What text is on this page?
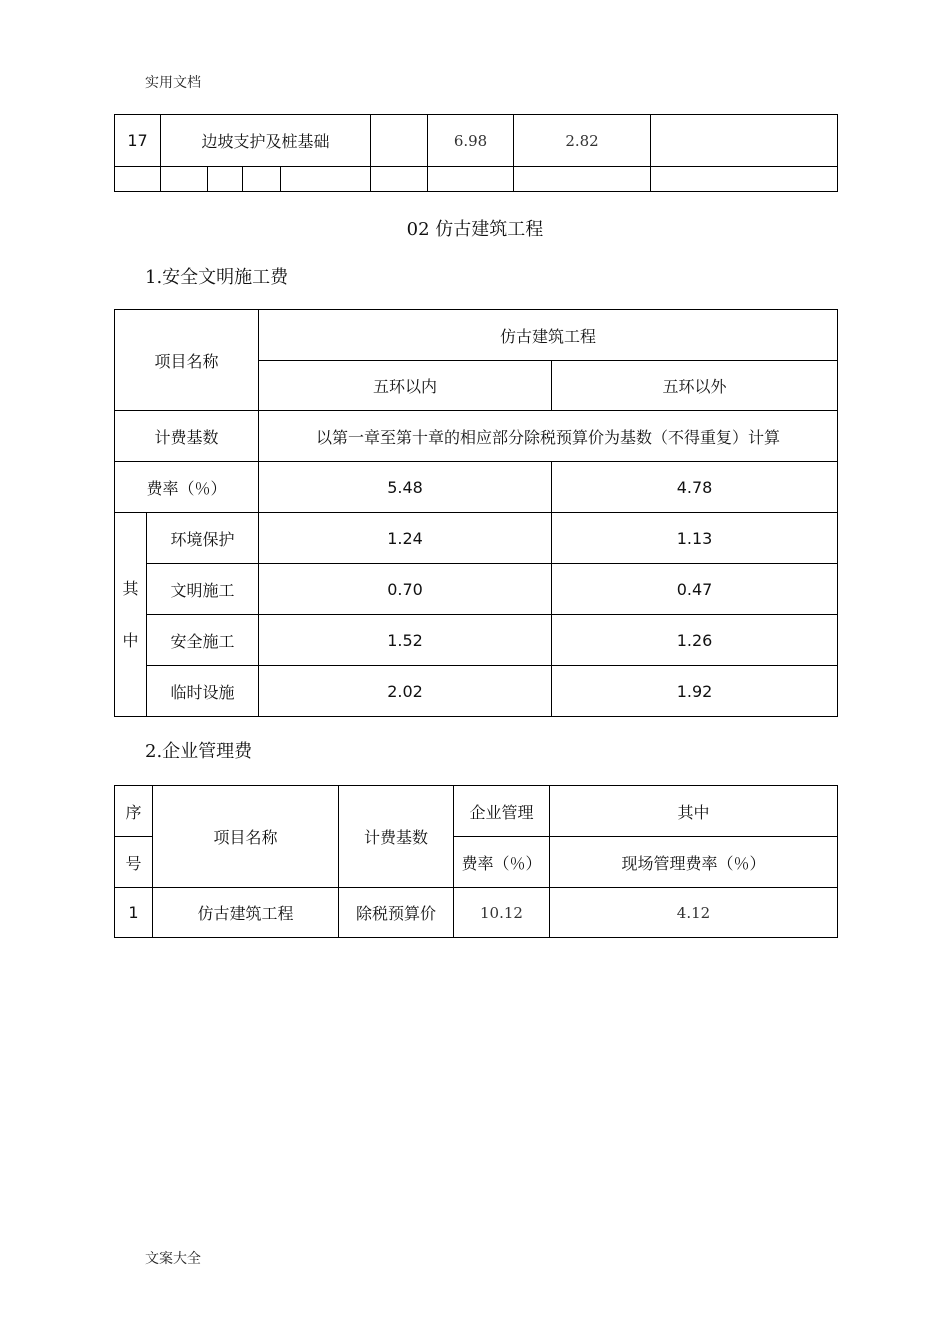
实用文档
17	边坡支护及桩基础					6.98	2.82	

02 仿古建筑工程
1.安全文明施工费
项目名称		仿古建筑工程	
		五环以内	五环以外
计费基数		以第一章至第十章的相应部分除税预算价为基数（不得重复）计算	
费率（％）		5.48	4.78

其
中	环境保护	1.24	1.13
	文明施工	0.70	0.47
	安全施工	1.52	1.26
	临时设施	2.02	1.92
2.企业管理费
序	项目名称	计费基数	企业管理	其中
号			费率（％）	现场管理费率（％）
1	仿古建筑工程	除税预算价	10.12	4.12
文案大全
